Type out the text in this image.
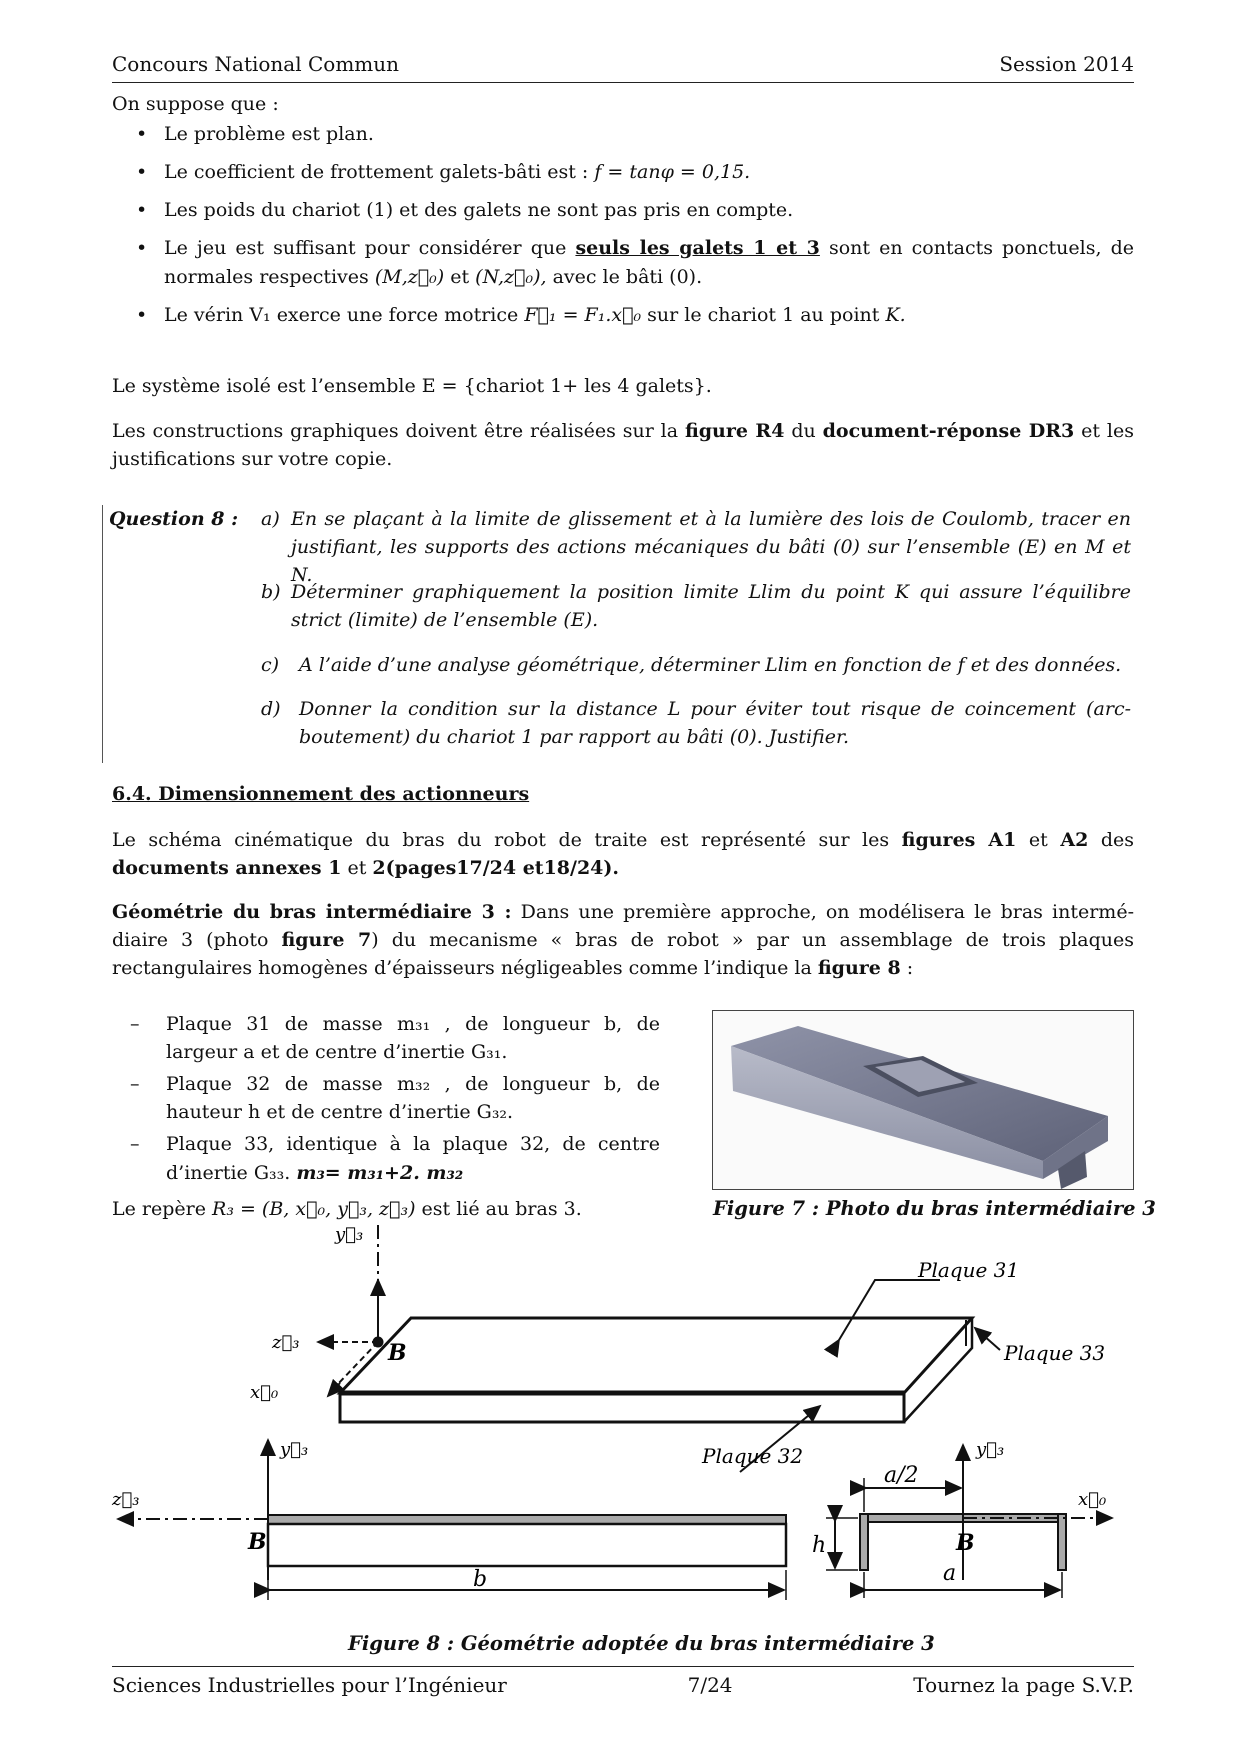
Concours National Commun	Session 2014
On suppose que :
• Le problème est plan.
• Le coefficient de frottement galets-bâti est : f = tanφ = 0,15.
• Les poids du chariot (1) et des galets ne sont pas pris en compte.
• Le jeu est suffisant pour considérer que seuls les galets 1 et 3 sont en contacts ponctuels, de normales respectives (M,z⃗₀) et (N,z⃗₀), avec le bâti (0).
• Le vérin V₁ exerce une force motrice F⃗₁ = F₁.x⃗₀ sur le chariot 1 au point K.
Le système isolé est l’ensemble E = {chariot 1+ les 4 galets}.
Les constructions graphiques doivent être réalisées sur la figure R4 du document-réponse DR3 et les justifications sur votre copie.
Question 8 : a) En se plaçant à la limite de glissement et à la lumière des lois de Coulomb, tracer en justifiant, les supports des actions mécaniques du bâti (0) sur l’ensemble (E) en M et N.
b) Déterminer graphiquement la position limite Llim du point K qui assure l’équilibre strict (limite) de l’ensemble (E).
c)	A l’aide d’une analyse géométrique, déterminer Llim en fonction de f et des données.
d) Donner la condition sur la distance L pour éviter tout risque de coincement (arc-boutement) du chariot 1 par rapport au bâti (0). Justifier.
6.4. Dimensionnement des actionneurs
Le schéma cinématique du bras du robot de traite est représenté sur les figures A1 et A2 des documents annexes 1 et 2(pages17/24 et18/24).
Géométrie du bras intermédiaire 3 : Dans une première approche, on modélisera le bras intermé-diaire 3 (photo figure 7) du mecanisme « bras de robot » par un assemblage de trois plaques rectangulaires homogènes d’épaisseurs négligeables comme l’indique la figure 8 :
– Plaque 31 de masse m₃₁ , de longueur b, de largeur a et de centre d’inertie G₃₁.
– Plaque 32 de masse m₃₂ , de longueur b, de hauteur h et de centre d’inertie G₃₂.
– Plaque 33, identique à la plaque 32, de centre d’inertie G₃₃. m₃= m₃₁+2. m₃₂
Le repère R₃ = (B, x⃗₀, y⃗₃, z⃗₃) est lié au bras 3.	Figure 7 : Photo du bras intermédiaire 3
y⃗₃
z⃗₃
x⃗₀
B
Plaque 31
Plaque 33
Plaque 32
y⃗₃
z⃗₃
B
b
y⃗₃
x⃗₀
B
a/2
h
a
Figure 8 : Géométrie adoptée du bras intermédiaire 3
Sciences Industrielles pour l’Ingénieur	7/24	Tournez la page S.V.P.
